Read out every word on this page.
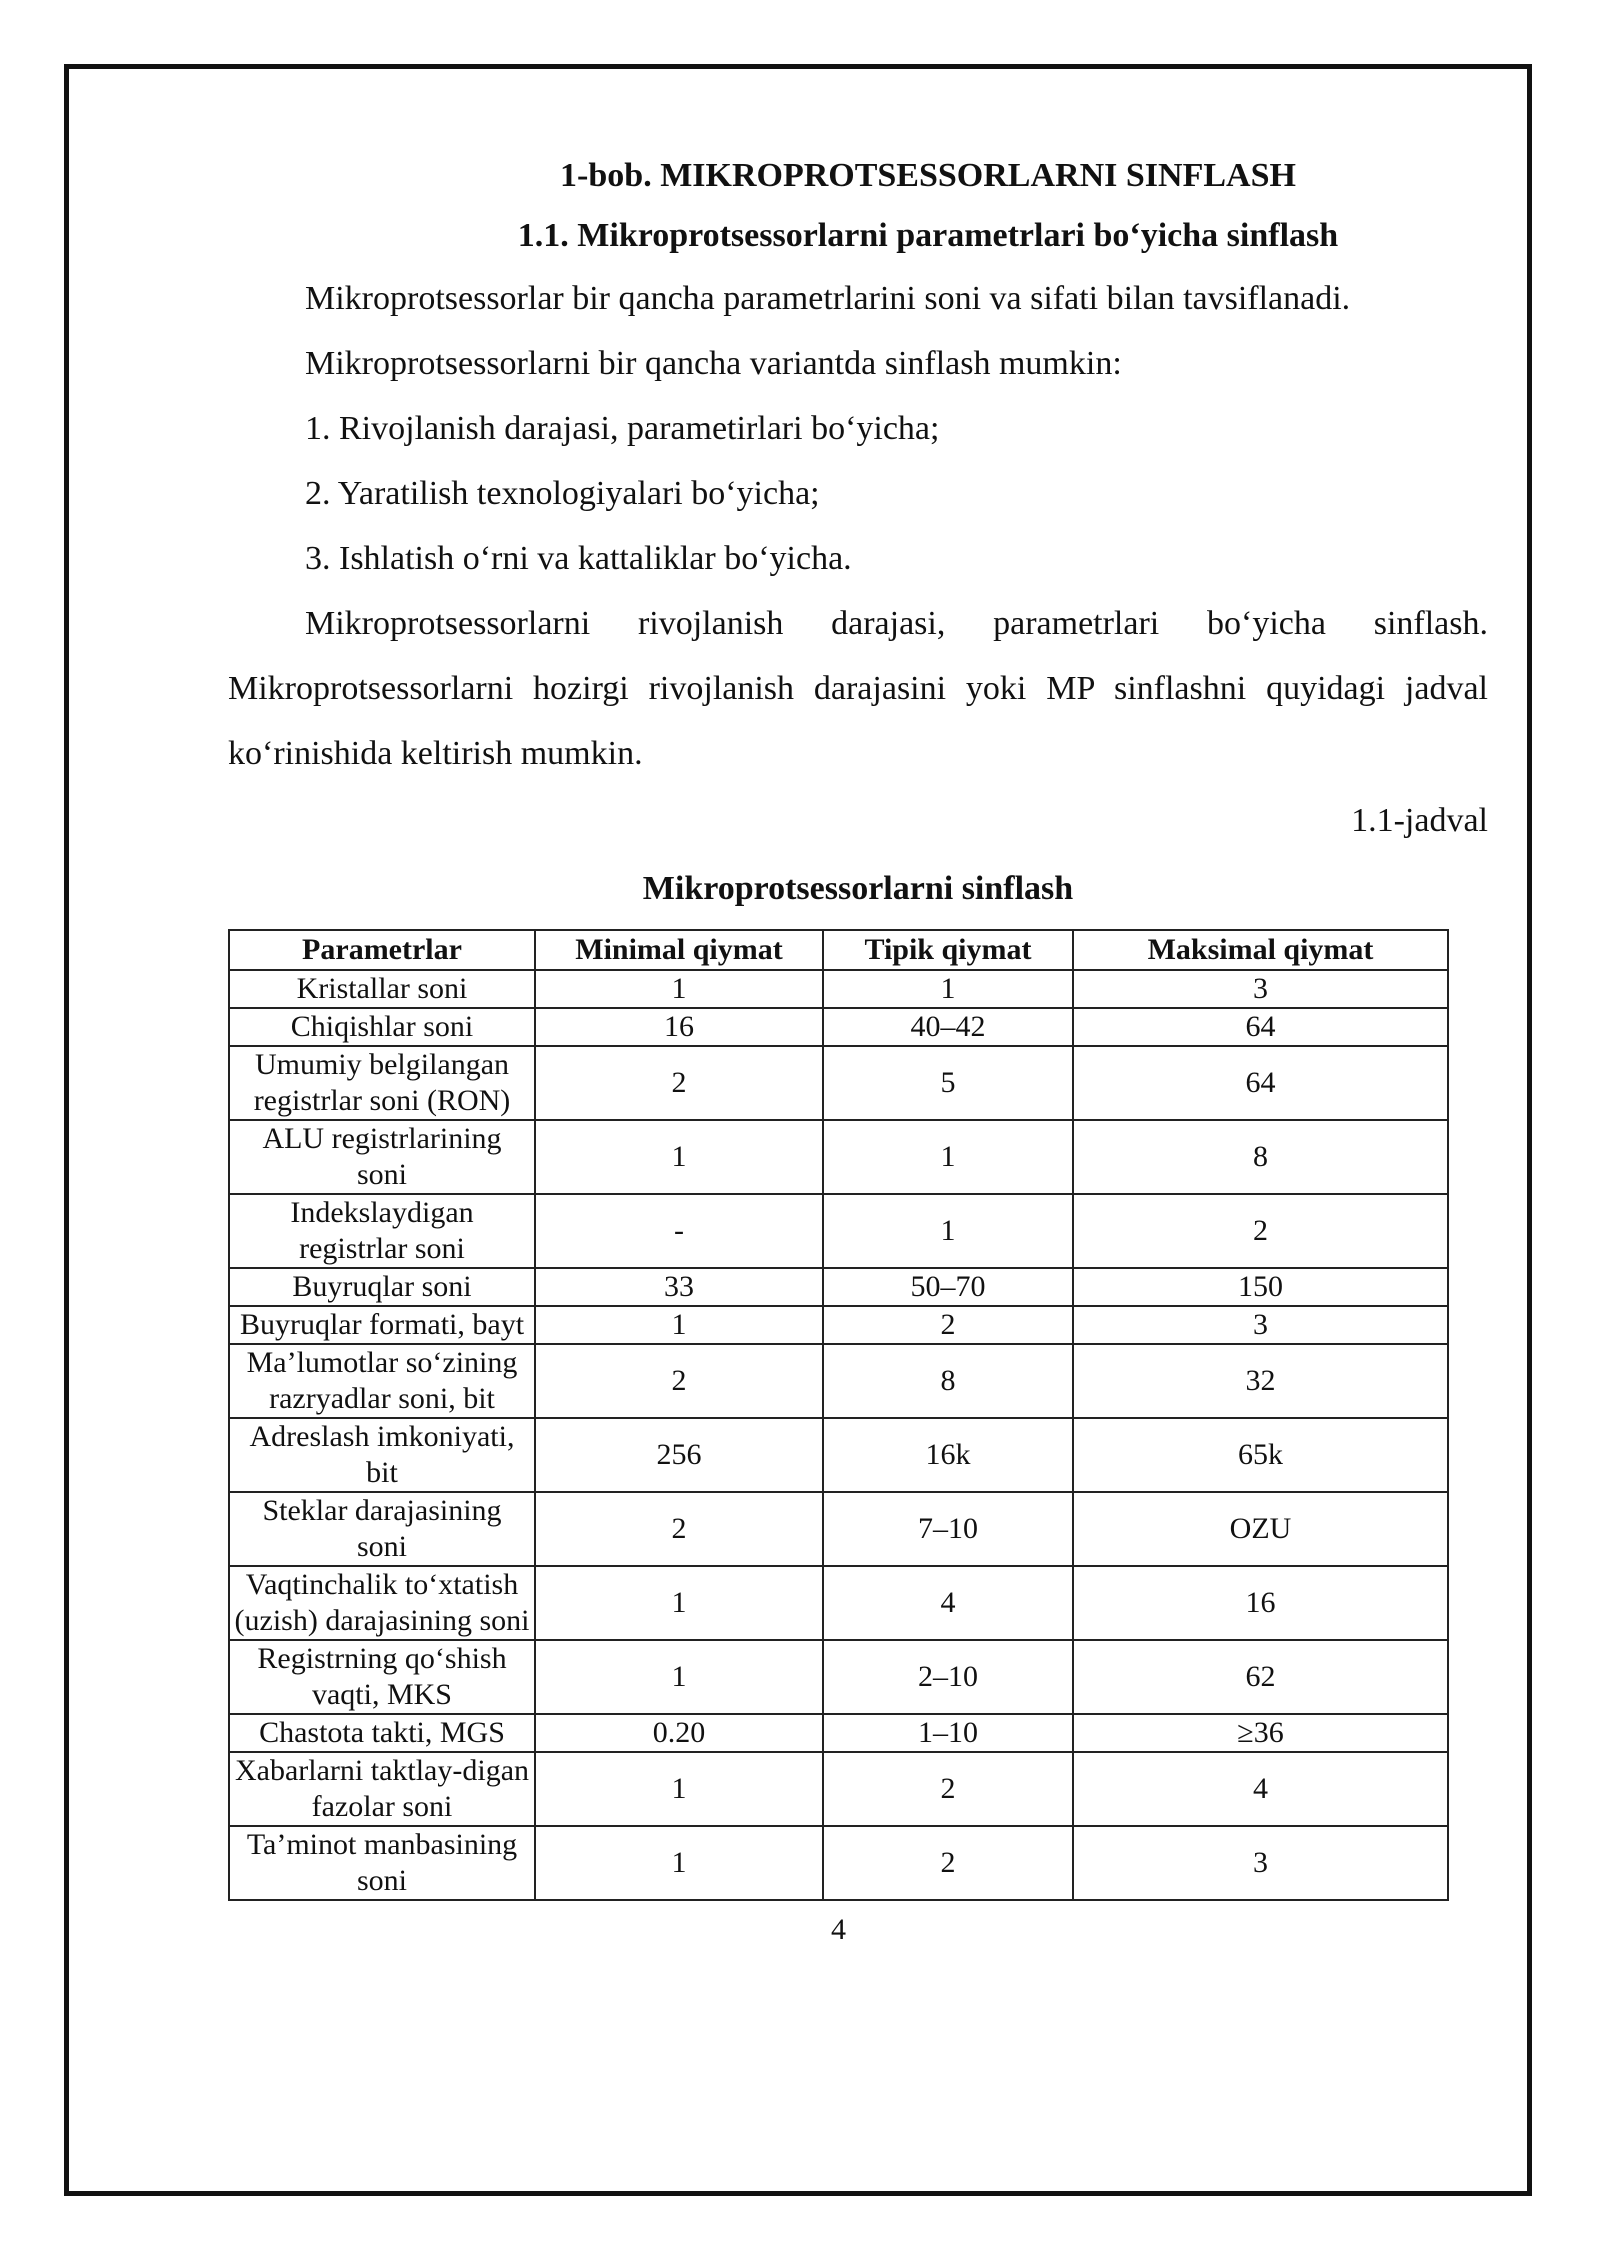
1-bob. MIKROPROTSESSORLARNI SINFLASH
1.1. Mikroprotsessorlarni parametrlari bo‘yicha sinflash

Mikroprotsessorlar bir qancha parametrlarini soni va sifati bilan tavsiflanadi.

Mikroprotsessorlarni bir qancha variantda sinflash mumkin:

1. Rivojlanish darajasi, parametirlari bo‘yicha;

2. Yaratilish texnologiyalari bo‘yicha;

3. Ishlatish o‘rni va kattaliklar bo‘yicha.

Mikroprotsessorlarni rivojlanish darajasi, parametrlari bo‘yicha sinflash. Mikroprotsessorlarni hozirgi rivojlanish darajasini yoki MP sinflashni quyidagi jadval ko‘rinishida keltirish mumkin.

1.1-jadval
Mikroprotsessorlarni sinflash
Parametrlar	Minimal qiymat	Tipik qiymat	Maksimal qiymat
Kristallar soni	1	1	3
Chiqishlar soni	16	40–42	64
Umumiy belgilangan registrlar soni (RON)	2	5	64
ALU registrlarining soni	1	1	8
Indekslaydigan registrlar soni	-	1	2
Buyruqlar soni	33	50–70	150
Buyruqlar formati, bayt	1	2	3
Ma’lumotlar so‘zining razryadlar soni, bit	2	8	32
Adreslash imkoniyati, bit	256	16k	65k
Steklar darajasining soni	2	7–10	OZU
Vaqtinchalik to‘xtatish (uzish) darajasining soni	1	4	16
Registrning qo‘shish vaqti, MKS	1	2–10	62
Chastota takti, MGS	0.20	1–10	≥36
Xabarlarni taktlay-digan fazolar soni	1	2	4
Ta’minot manbasining soni	1	2	3
4
